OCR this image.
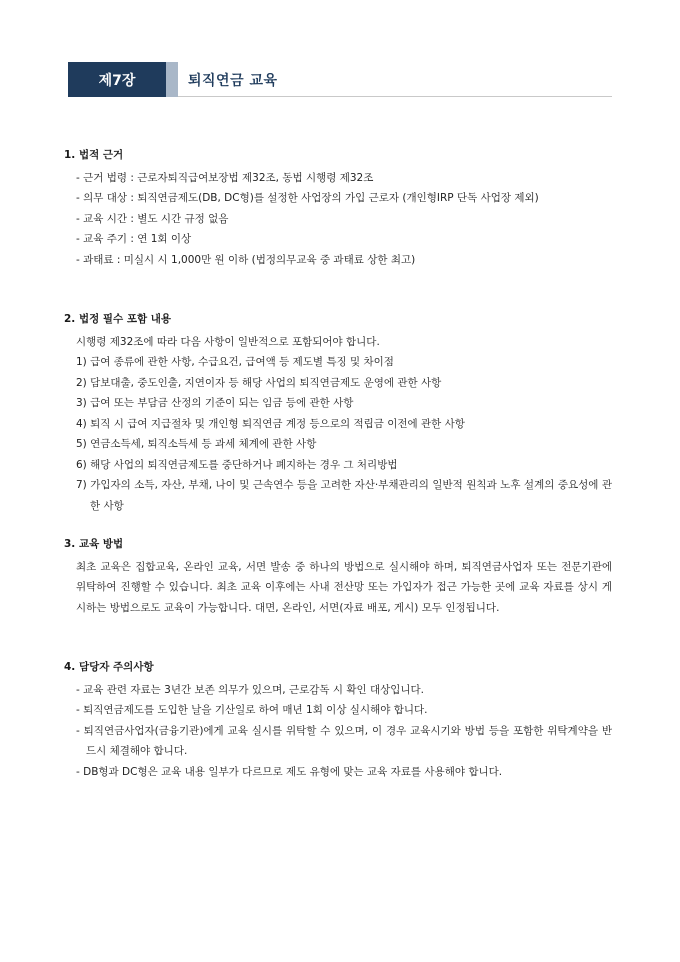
제7장	퇴직연금 교육
1. 법적 근거
- 근거 법령 : 근로자퇴직급여보장법 제32조, 동법 시행령 제32조
- 의무 대상 : 퇴직연금제도(DB, DC형)를 설정한 사업장의 가입 근로자 (개인형IRP 단독 사업장 제외)
- 교육 시간 : 별도 시간 규정 없음
- 교육 주기 : 연 1회 이상
- 과태료 : 미실시 시 1,000만 원 이하 (법정의무교육 중 과태료 상한 최고)
2. 법정 필수 포함 내용
시행령 제32조에 따라 다음 사항이 일반적으로 포함되어야 합니다.
1) 급여 종류에 관한 사항, 수급요건, 급여액 등 제도별 특징 및 차이점
2) 담보대출, 중도인출, 지연이자 등 해당 사업의 퇴직연금제도 운영에 관한 사항
3) 급여 또는 부담금 산정의 기준이 되는 임금 등에 관한 사항
4) 퇴직 시 급여 지급절차 및 개인형 퇴직연금 계정 등으로의 적립금 이전에 관한 사항
5) 연금소득세, 퇴직소득세 등 과세 체계에 관한 사항
6) 해당 사업의 퇴직연금제도를 중단하거나 폐지하는 경우 그 처리방법
7) 가입자의 소득, 자산, 부채, 나이 및 근속연수 등을 고려한 자산‧부채관리의 일반적 원칙과 노후 설계의 중요성에 관한 사항
3. 교육 방법
최초 교육은 집합교육, 온라인 교육, 서면 발송 중 하나의 방법으로 실시해야 하며, 퇴직연금사업자 또는 전문기관에 위탁하여 진행할 수 있습니다. 최초 교육 이후에는 사내 전산망 또는 가입자가 접근 가능한 곳에 교육 자료를 상시 게시하는 방법으로도 교육이 가능합니다. 대면, 온라인, 서면(자료 배포, 게시) 모두 인정됩니다.
4. 담당자 주의사항
- 교육 관련 자료는 3년간 보존 의무가 있으며, 근로감독 시 확인 대상입니다.
- 퇴직연금제도를 도입한 날을 기산일로 하여 매년 1회 이상 실시해야 합니다.
- 퇴직연금사업자(금융기관)에게 교육 실시를 위탁할 수 있으며, 이 경우 교육시기와 방법 등을 포함한 위탁계약을 반드시 체결해야 합니다.
- DB형과 DC형은 교육 내용 일부가 다르므로 제도 유형에 맞는 교육 자료를 사용해야 합니다.
